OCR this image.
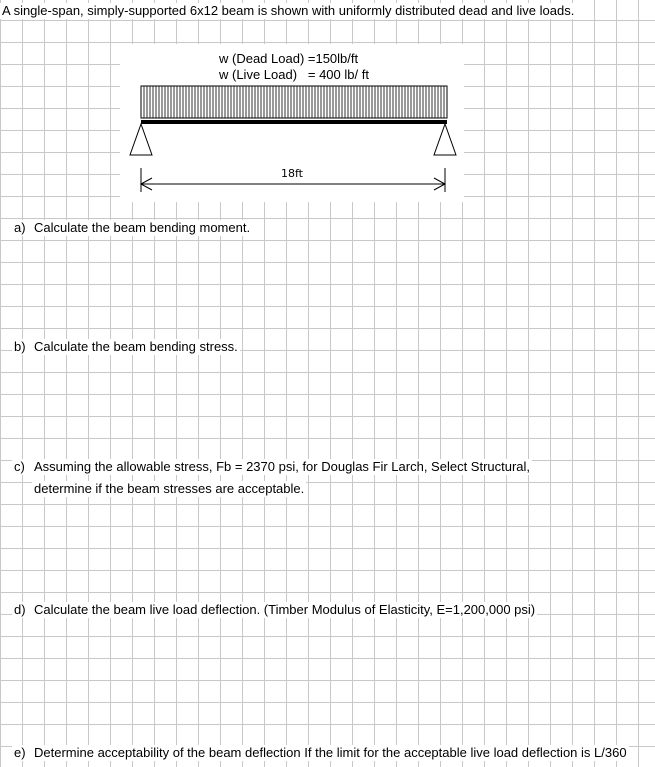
A single-span, simply-supported 6x12 beam is shown with uniformly distributed dead and live loads.
w (Dead Load) =150lb/ft
w (Live Load)   = 400 lb/ ft
18ft
a) Calculate the beam bending moment.
b) Calculate the beam bending stress.
c) Assuming the allowable stress, Fb = 2370 psi, for Douglas Fir Larch, Select Structural,
determine if the beam stresses are acceptable.
d) Calculate the beam live load deflection. (Timber Modulus of Elasticity, E=1,200,000 psi)
e) Determine acceptability of the beam deflection If the limit for the acceptable live load deflection is L/360
